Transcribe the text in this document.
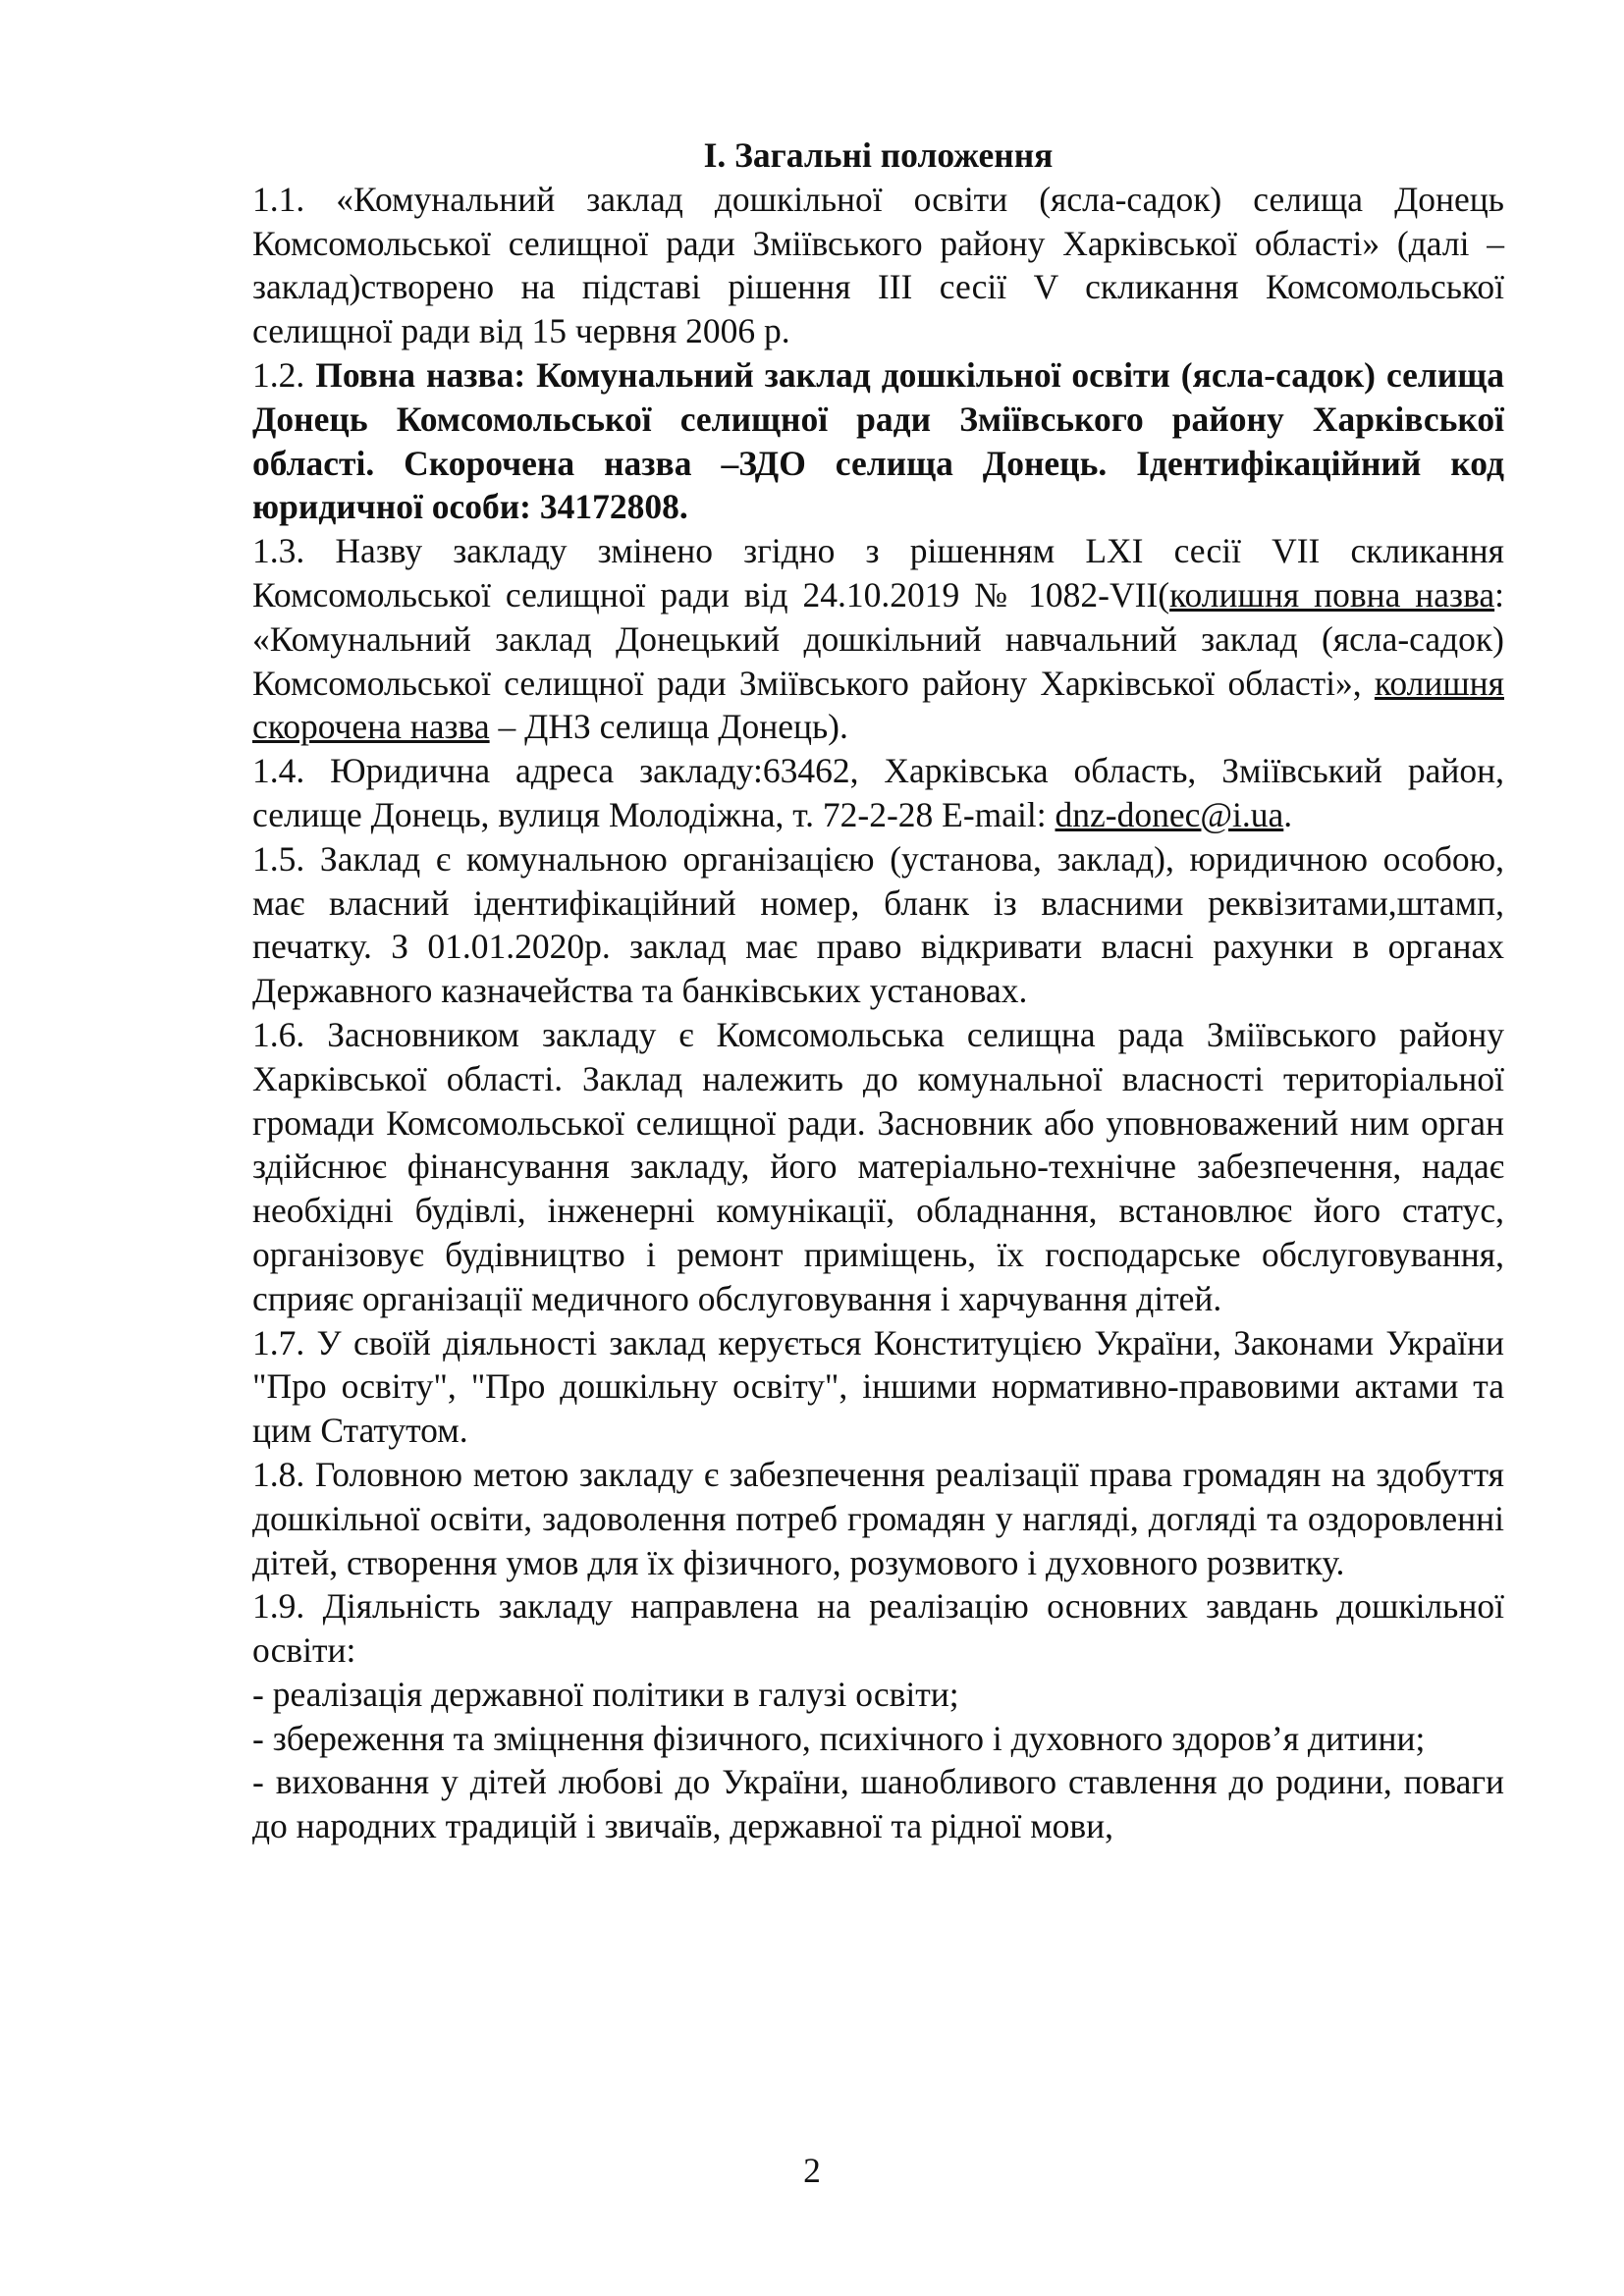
І. Загальні положення

1.1. «Комунальний заклад дошкільної освіти (ясла-садок) селища Донець Комсомольської селищної ради Зміївського району Харківської області» (далі – заклад)створено на підставі рішення ІІІ сесії V скликання Комсомольської селищної ради від 15 червня 2006 р.

1.2. Повна назва: Комунальний заклад дошкільної освіти (ясла-садок) селища Донець Комсомольської селищної ради Зміївського району Харківської області. Скорочена назва –ЗДО селища Донець. Ідентифікаційний код юридичної особи: 34172808.

1.3. Назву закладу змінено згідно з рішенням LXI сесії VII скликання Комсомольської селищної ради від 24.10.2019 № 1082-VII(колишня повна назва: «Комунальний заклад Донецький дошкільний навчальний заклад (ясла-садок) Комсомольської селищної ради Зміївського району Харківської області», колишня скорочена назва – ДНЗ селища Донець).

1.4. Юридична адреса закладу:63462, Харківська область, Зміївський район, селище Донець, вулиця Молодіжна, т. 72-2-28 E-mail: dnz-donec@i.ua.

1.5. Заклад є комунальною організацією (установа, заклад), юридичною особою, має власний ідентифікаційний номер, бланк із власними реквізитами,штамп, печатку. З 01.01.2020р. заклад має право відкривати власні рахунки в органах Державного казначейства та банківських установах.

1.6. Засновником закладу є Комсомольська селищна рада Зміївського району Харківської області. Заклад належить до комунальної власності територіальної громади Комсомольської селищної ради. Засновник або уповноважений ним орган здійснює фінансування закладу, його матеріально-технічне забезпечення, надає необхідні будівлі, інженерні комунікації, обладнання, встановлює його статус, організовує будівництво і ремонт приміщень, їх господарське обслуговування, сприяє організації медичного обслуговування і харчування дітей.

1.7. У своїй діяльності заклад керується Конституцією України, Законами України "Про освіту", "Про дошкільну освіту", іншими нормативно-правовими актами та цим Статутом.

1.8. Головною метою закладу є забезпечення реалізації права громадян на здобуття дошкільної освіти, задоволення потреб громадян у нагляді, догляді та оздоровленні дітей, створення умов для їх фізичного, розумового і духовного розвитку.

1.9. Діяльність закладу направлена на реалізацію основних завдань дошкільної освіти:

- реалізація державної політики в галузі освіти;

- збереження та зміцнення фізичного, психічного і духовного здоров’я дитини;

- виховання у дітей любові до України, шанобливого ставлення до родини, поваги до народних традицій і звичаїв, державної та рідної мови,

2
